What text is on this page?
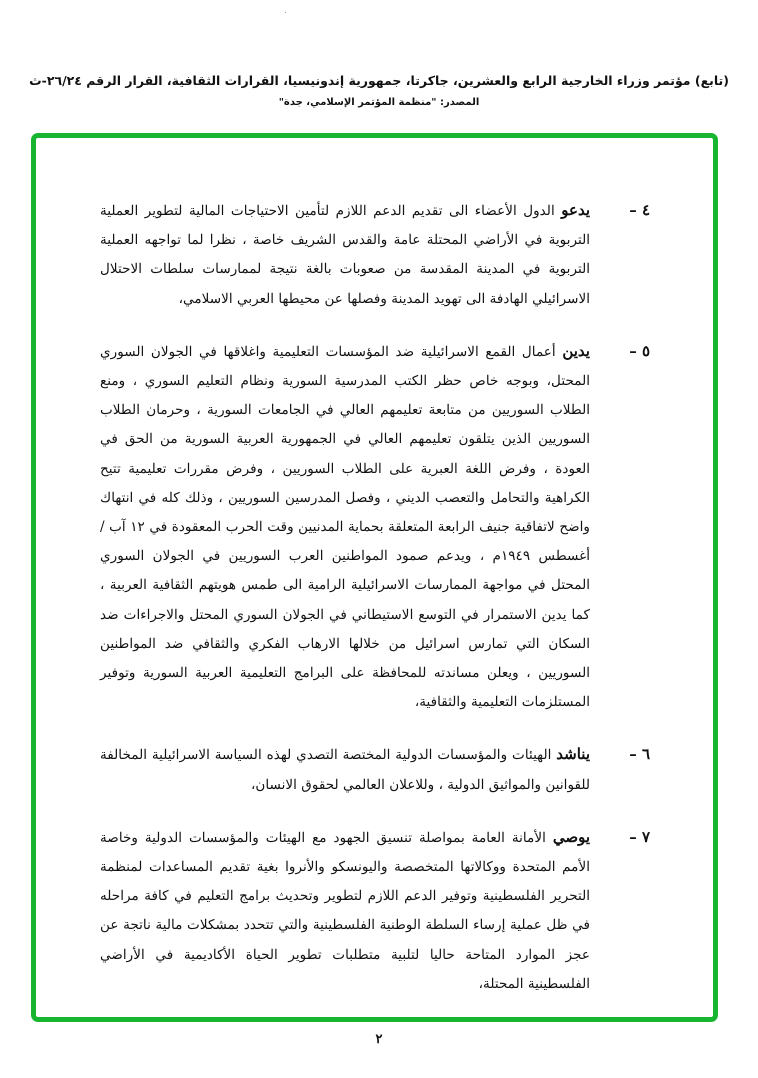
(تابع) مؤتمر وزراء الخارجية الرابع والعشرين، جاكرتا، جمهورية إندونيسيا، القرارات الثقافية، القرار الرقم ٢٦/٢٤-ث
المصدر: "منظمة المؤتمر الإسلامي، جدة"
٤ –
يدعو الدول الأعضاء الى تقديم الدعم اللازم لتأمين الاحتياجات المالية لتطوير العملية التربوية في الأراضي المحتلة عامة والقدس الشريف خاصة ، نظرا لما تواجهه العملية التربوية في المدينة المقدسة من صعوبات بالغة نتيجة لممارسات سلطات الاحتلال الاسرائيلي الهادفة الى تهويد المدينة وفصلها عن محيطها العربي الاسلامي،
٥ –
يدين أعمال القمع الاسرائيلية ضد المؤسسات التعليمية واغلاقها في الجولان السوري المحتل، وبوجه خاص حظر الكتب المدرسية السورية ونظام التعليم السوري ، ومنع الطلاب السوريين من متابعة تعليمهم العالي في الجامعات السورية ، وحرمان الطلاب السوريين الذين يتلقون تعليمهم العالي في الجمهورية العربية السورية من الحق في العودة ، وفرض اللغة العبرية على الطلاب السوريين ، وفرض مقررات تعليمية تتيح الكراهية والتحامل والتعصب الديني ، وفصل المدرسين السوريين ، وذلك كله في انتهاك واضح لاتفاقية جنيف الرابعة المتعلقة بحماية المدنيين وقت الحرب المعقودة في ١٢ آب / أغسطس ١٩٤٩م ، ويدعم صمود المواطنين العرب السوريين في الجولان السوري المحتل في مواجهة الممارسات الاسرائيلية الرامية الى طمس هويتهم الثقافية العربية ، كما يدين الاستمرار في التوسع الاستيطاني في الجولان السوري المحتل والاجراءات ضد السكان التي تمارس اسرائيل من خلالها الارهاب الفكري والثقافي ضد المواطنين السوريين ، ويعلن مساندته للمحافظة على البرامج التعليمية العربية السورية وتوفير المستلزمات التعليمية والثقافية،
٦ –
يناشد الهيئات والمؤسسات الدولية المختصة التصدي لهذه السياسة الاسرائيلية المخالفة للقوانين والمواثيق الدولية ، وللاعلان العالمي لحقوق الانسان،
٧ –
يوصي الأمانة العامة بمواصلة تنسيق الجهود مع الهيئات والمؤسسات الدولية وخاصة الأمم المتحدة ووكالاتها المتخصصة واليونسكو والأنروا بغية تقديم المساعدات لمنظمة التحرير الفلسطينية وتوفير الدعم اللازم لتطوير وتحديث برامج التعليم في كافة مراحله في ظل عملية إرساء السلطة الوطنية الفلسطينية والتي تتحدد بمشكلات مالية ناتجة عن عجز الموارد المتاحة حاليا لتلبية متطلبات تطوير الحياة الأكاديمية في الأراضي الفلسطينية المحتلة،
٢
